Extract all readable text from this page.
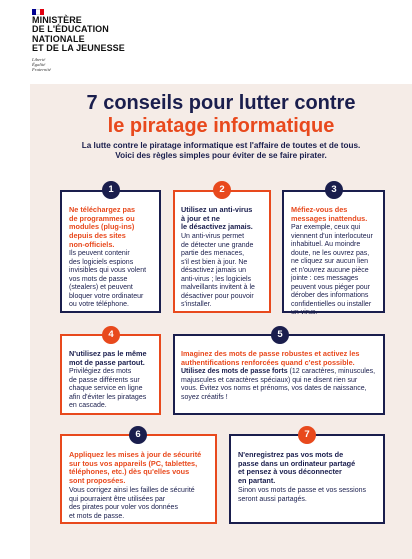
MINISTÈRE
DE L'ÉDUCATION
NATIONALE
ET DE LA JEUNESSE
Liberté
Égalité
Fraternité
7 conseils pour lutter contre
le piratage informatique
La lutte contre le piratage informatique est l'affaire de toutes et de tous.
Voici des règles simples pour éviter de se faire pirater.
1
Ne téléchargez pas
de programmes ou
modules (plug-ins)
depuis des sites
non-officiels.
Ils peuvent contenir
des logiciels espions
invisibles qui vous volent
vos mots de passe
(stealers) et peuvent
bloquer votre ordinateur
ou votre téléphone.
2
Utilisez un anti-virus
à jour et ne
le désactivez jamais.
Un anti-virus permet
de détecter une grande
partie des menaces,
s'il est bien à jour. Ne
désactivez jamais un
anti-virus ; les logiciels
malveillants invitent à le
désactiver pour pouvoir
s'installer.
3
Méfiez-vous des
messages inattendus.
Par exemple, ceux qui
viennent d'un interlocuteur
inhabituel. Au moindre
doute, ne les ouvrez pas,
ne cliquez sur aucun lien
et n'ouvrez aucune pièce
jointe : ces messages
peuvent vous piéger pour
dérober des informations
confidentielles ou installer
un virus.
4
N'utilisez pas le même
mot de passe partout.
Privilégiez des mots
de passe différents sur
chaque service en ligne
afin d'éviter les piratages
en cascade.
5
Imaginez des mots de passe robustes et activez les
authentifications renforcées quand c'est possible.
Utilisez des mots de passe forts (12 caractères, minuscules,
majuscules et caractères spéciaux) qui ne disent rien sur
vous. Évitez vos noms et prénoms, vos dates de naissance,
soyez créatifs !
6
Appliquez les mises à jour de sécurité
sur tous vos appareils (PC, tablettes,
téléphones, etc.) dès qu'elles vous
sont proposées.
Vous corrigez ainsi les failles de sécurité
qui pourraient être utilisées par
des pirates pour voler vos données
et mots de passe.
7
N'enregistrez pas vos mots de
passe dans un ordinateur partagé
et pensez à vous déconnecter
en partant.
Sinon vos mots de passe et vos sessions
seront aussi partagés.
